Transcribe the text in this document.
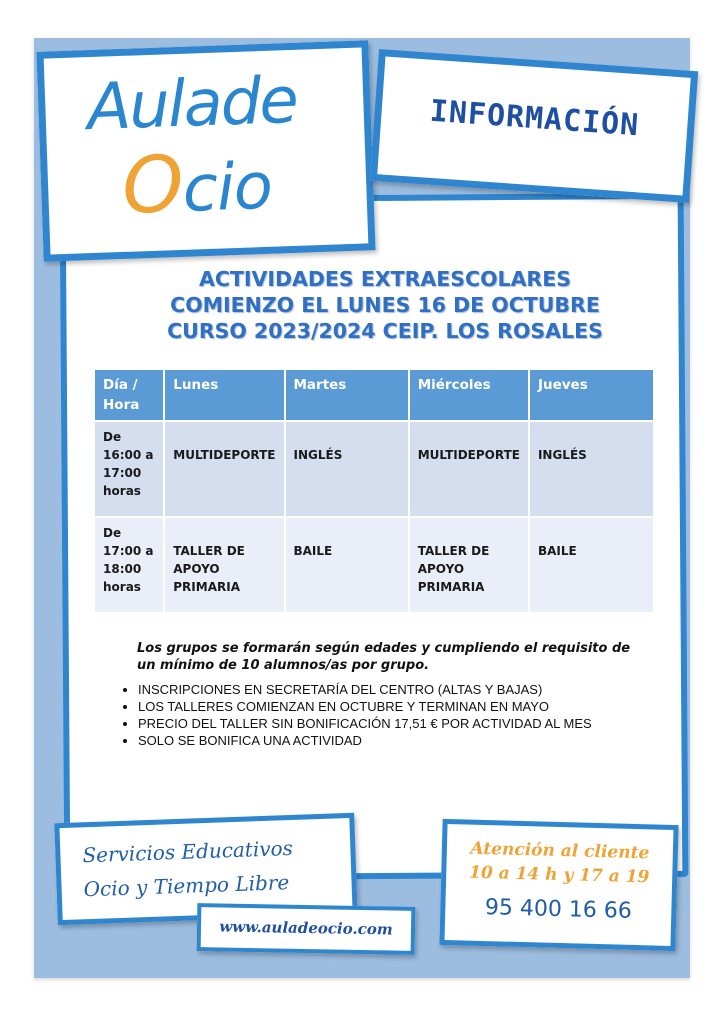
Aulade
Ocio
INFORMACIÓN
ACTIVIDADES EXTRAESCOLARES
COMIENZO EL LUNES 16 DE OCTUBRE
CURSO 2023/2024 CEIP. LOS ROSALES
Día / Hora	Lunes	Martes	Miércoles	Jueves
De 16:00 a 17:00 horas	MULTIDEPORTE	INGLÉS	MULTIDEPORTE	INGLÉS
De 17:00 a 18:00 horas	TALLER DE APOYO PRIMARIA	BAILE	TALLER DE APOYO PRIMARIA	BAILE
Los grupos se formarán según edades y cumpliendo el requisito de un mínimo de 10 alumnos/as por grupo.
• INSCRIPCIONES EN SECRETARÍA DEL CENTRO (ALTAS Y BAJAS)
• LOS TALLERES COMIENZAN EN OCTUBRE Y TERMINAN EN MAYO
• PRECIO DEL TALLER SIN BONIFICACIÓN 17,51 € POR ACTIVIDAD AL MES
• SOLO SE BONIFICA UNA ACTIVIDAD
Servicios Educativos
Ocio y Tiempo Libre
www.auladeocio.com
Atención al cliente
10 a 14 h y 17 a 19
95 400 16 66
